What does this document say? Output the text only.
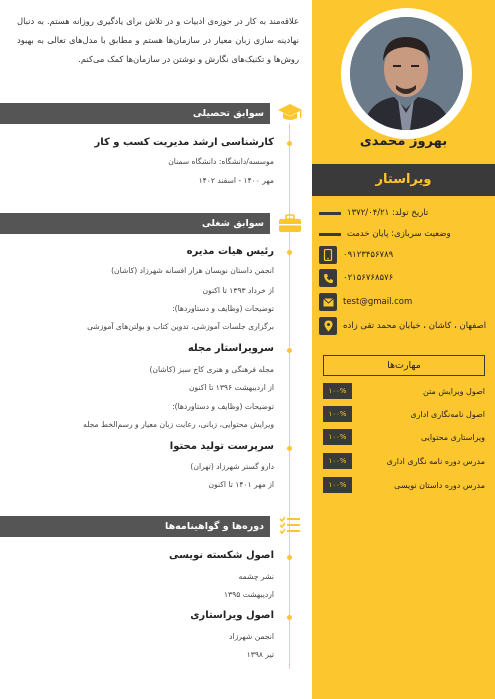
بهروز محمدی
ویراستار
تاریخ تولد: ۱۳۷۲/۰۴/۲۱
وضعیت سربازی: پایان خدمت
۰۹۱۲۳۴۵۶۷۸۹
۰۲۱۵۶۷۶۸۵۷۶
test@gmail.com
اصفهان ، کاشان ، خیابان محمد تقی زاده
مهارت‌ها
اصول ویرایش متن
۱۰۰%
اصول نامه‌نگاری اداری
۱۰۰%
ویراستاری محتوایی
۱۰۰%
مدرس دوره نامه نگاری اداری
۱۰۰%
مدرس دوره داستان نویسی
۱۰۰%

علاقه‌مند به کار در حوزه‌ی ادبیات و در تلاش برای یادگیری روزانه هستم. به دنبال نهادینه سازی زبان معیار در سازمان‌ها هستم و مطابق با مدل‌های تعالی به بهبود روش‌ها و تکنیک‌های نگارش و نوشتن در سازمان‌ها کمک می‌کنم.

سوابق تحصیلی
کارشناسی ارشد مدیریت کسب و کار
موسسه/دانشگاه: دانشگاه سمنان
مهر ۱۴۰۰ - اسفند ۱۴۰۲
سوابق شغلی
رئیس هیات مدیره
انجمن داستان نویسان هزار افسانه شهرزاد (کاشان)
از خرداد ۱۳۹۳ تا اکنون
توضیحات (وظایف و دستاوردها):
برگزاری جلسات آموزشی، تدوین کتاب و بولتن‌های آموزشی
سرویراستار مجله
مجله فرهنگی و هنری کاج سبز (کاشان)
از اردیبهشت ۱۳۹۶ تا اکنون
توضیحات (وظایف و دستاوردها):
ویرایش محتوایی، زبانی، رعایت زبان معیار و رسم‌الخط مجله
سرپرست تولید محتوا
دارو گستر شهرزاد (تهران)
از مهر ۱۴۰۱ تا اکنون
دوره‌ها و گواهینامه‌ها
اصول شکسته نویسی
نشر چشمه
اردیبهشت ۱۳۹۵
اصول ویراستاری
انجمن شهرزاد
تیر ۱۳۹۸
